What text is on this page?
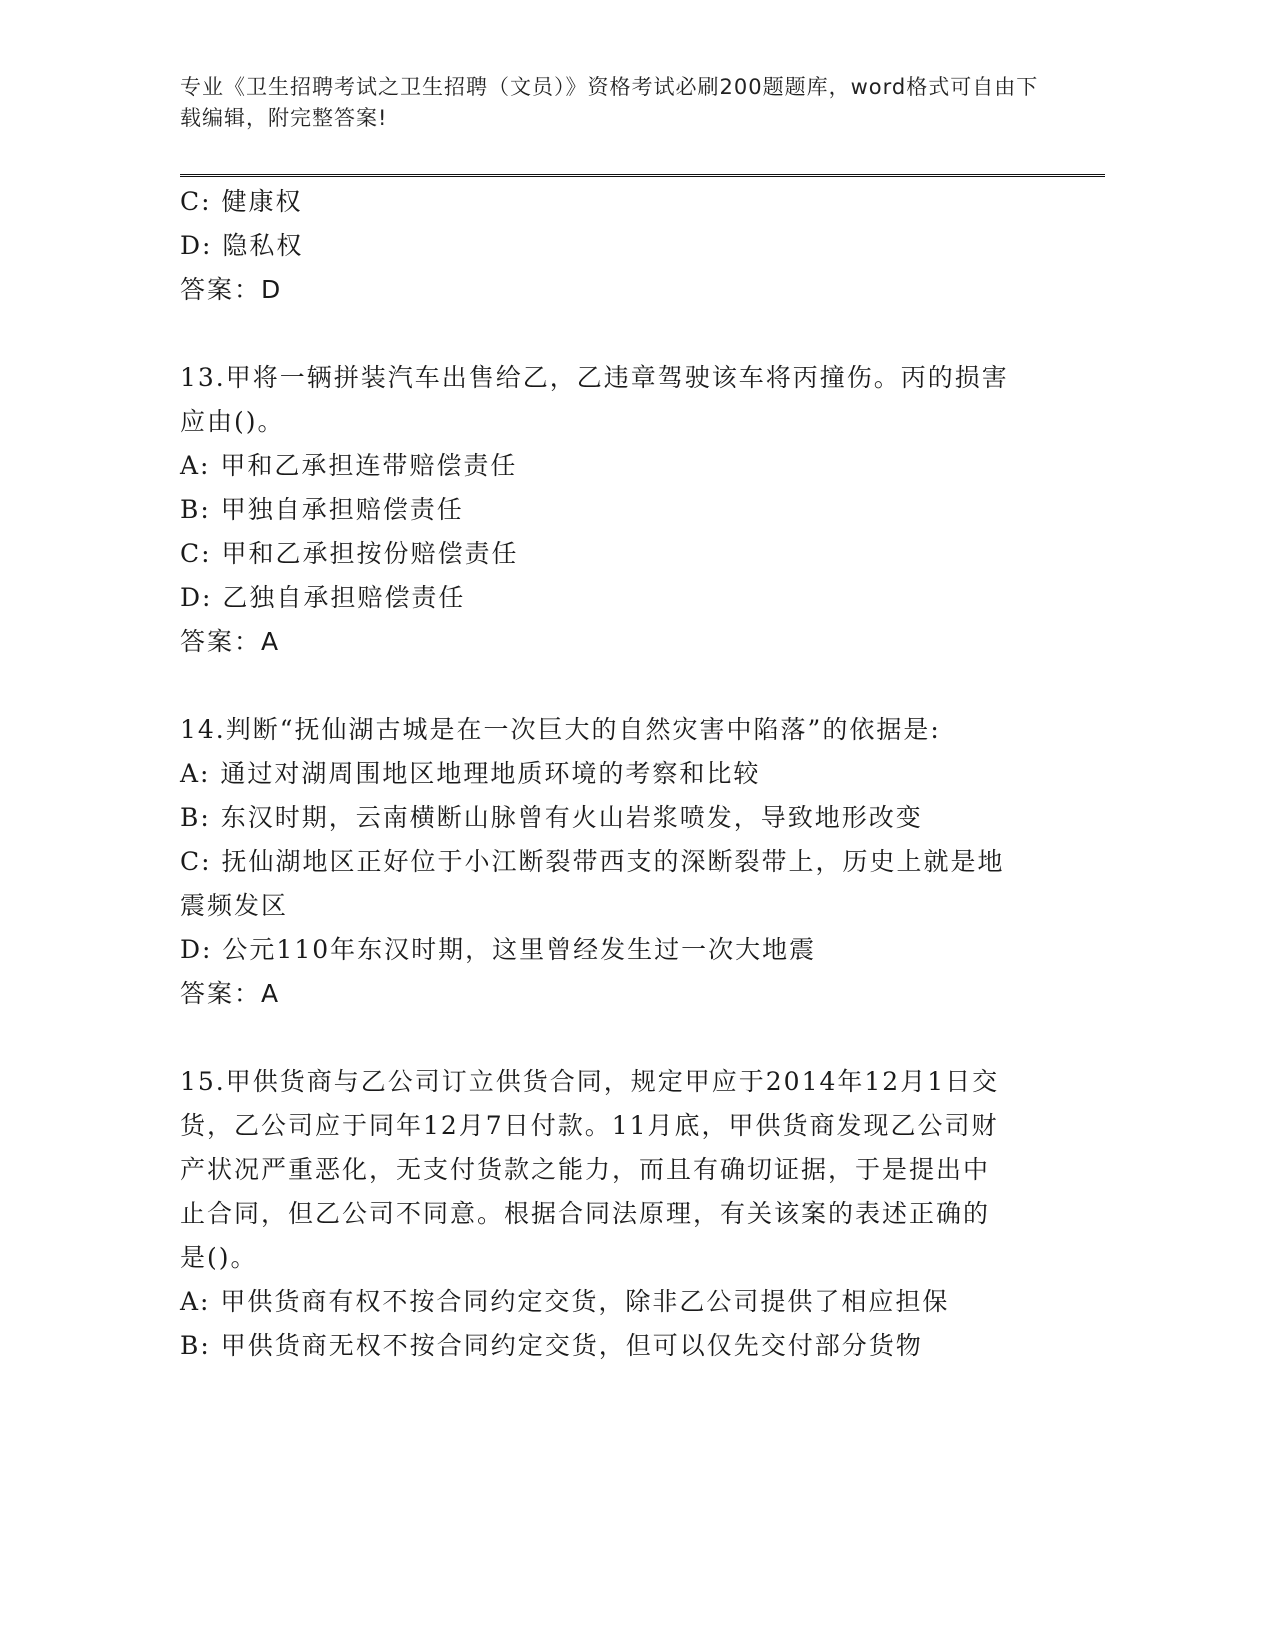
专业《卫生招聘考试之卫生招聘（文员）》资格考试必刷200题题库，word格式可自由下载编辑，附完整答案!

C: 健康权

D: 隐私权

答案：D

13.甲将一辆拼装汽车出售给乙，乙违章驾驶该车将丙撞伤。丙的损害

应由()。

A: 甲和乙承担连带赔偿责任

B: 甲独自承担赔偿责任

C: 甲和乙承担按份赔偿责任

D: 乙独自承担赔偿责任

答案：A

14.判断“抚仙湖古城是在一次巨大的自然灾害中陷落”的依据是:

A: 通过对湖周围地区地理地质环境的考察和比较

B: 东汉时期，云南横断山脉曾有火山岩浆喷发，导致地形改变

C: 抚仙湖地区正好位于小江断裂带西支的深断裂带上，历史上就是地

震频发区

D: 公元110年东汉时期，这里曾经发生过一次大地震

答案：A

15.甲供货商与乙公司订立供货合同，规定甲应于2014年12月1日交

货，乙公司应于同年12月7日付款。11月底，甲供货商发现乙公司财

产状况严重恶化，无支付货款之能力，而且有确切证据，于是提出中

止合同，但乙公司不同意。根据合同法原理，有关该案的表述正确的

是()。

A: 甲供货商有权不按合同约定交货，除非乙公司提供了相应担保

B: 甲供货商无权不按合同约定交货，但可以仅先交付部分货物
